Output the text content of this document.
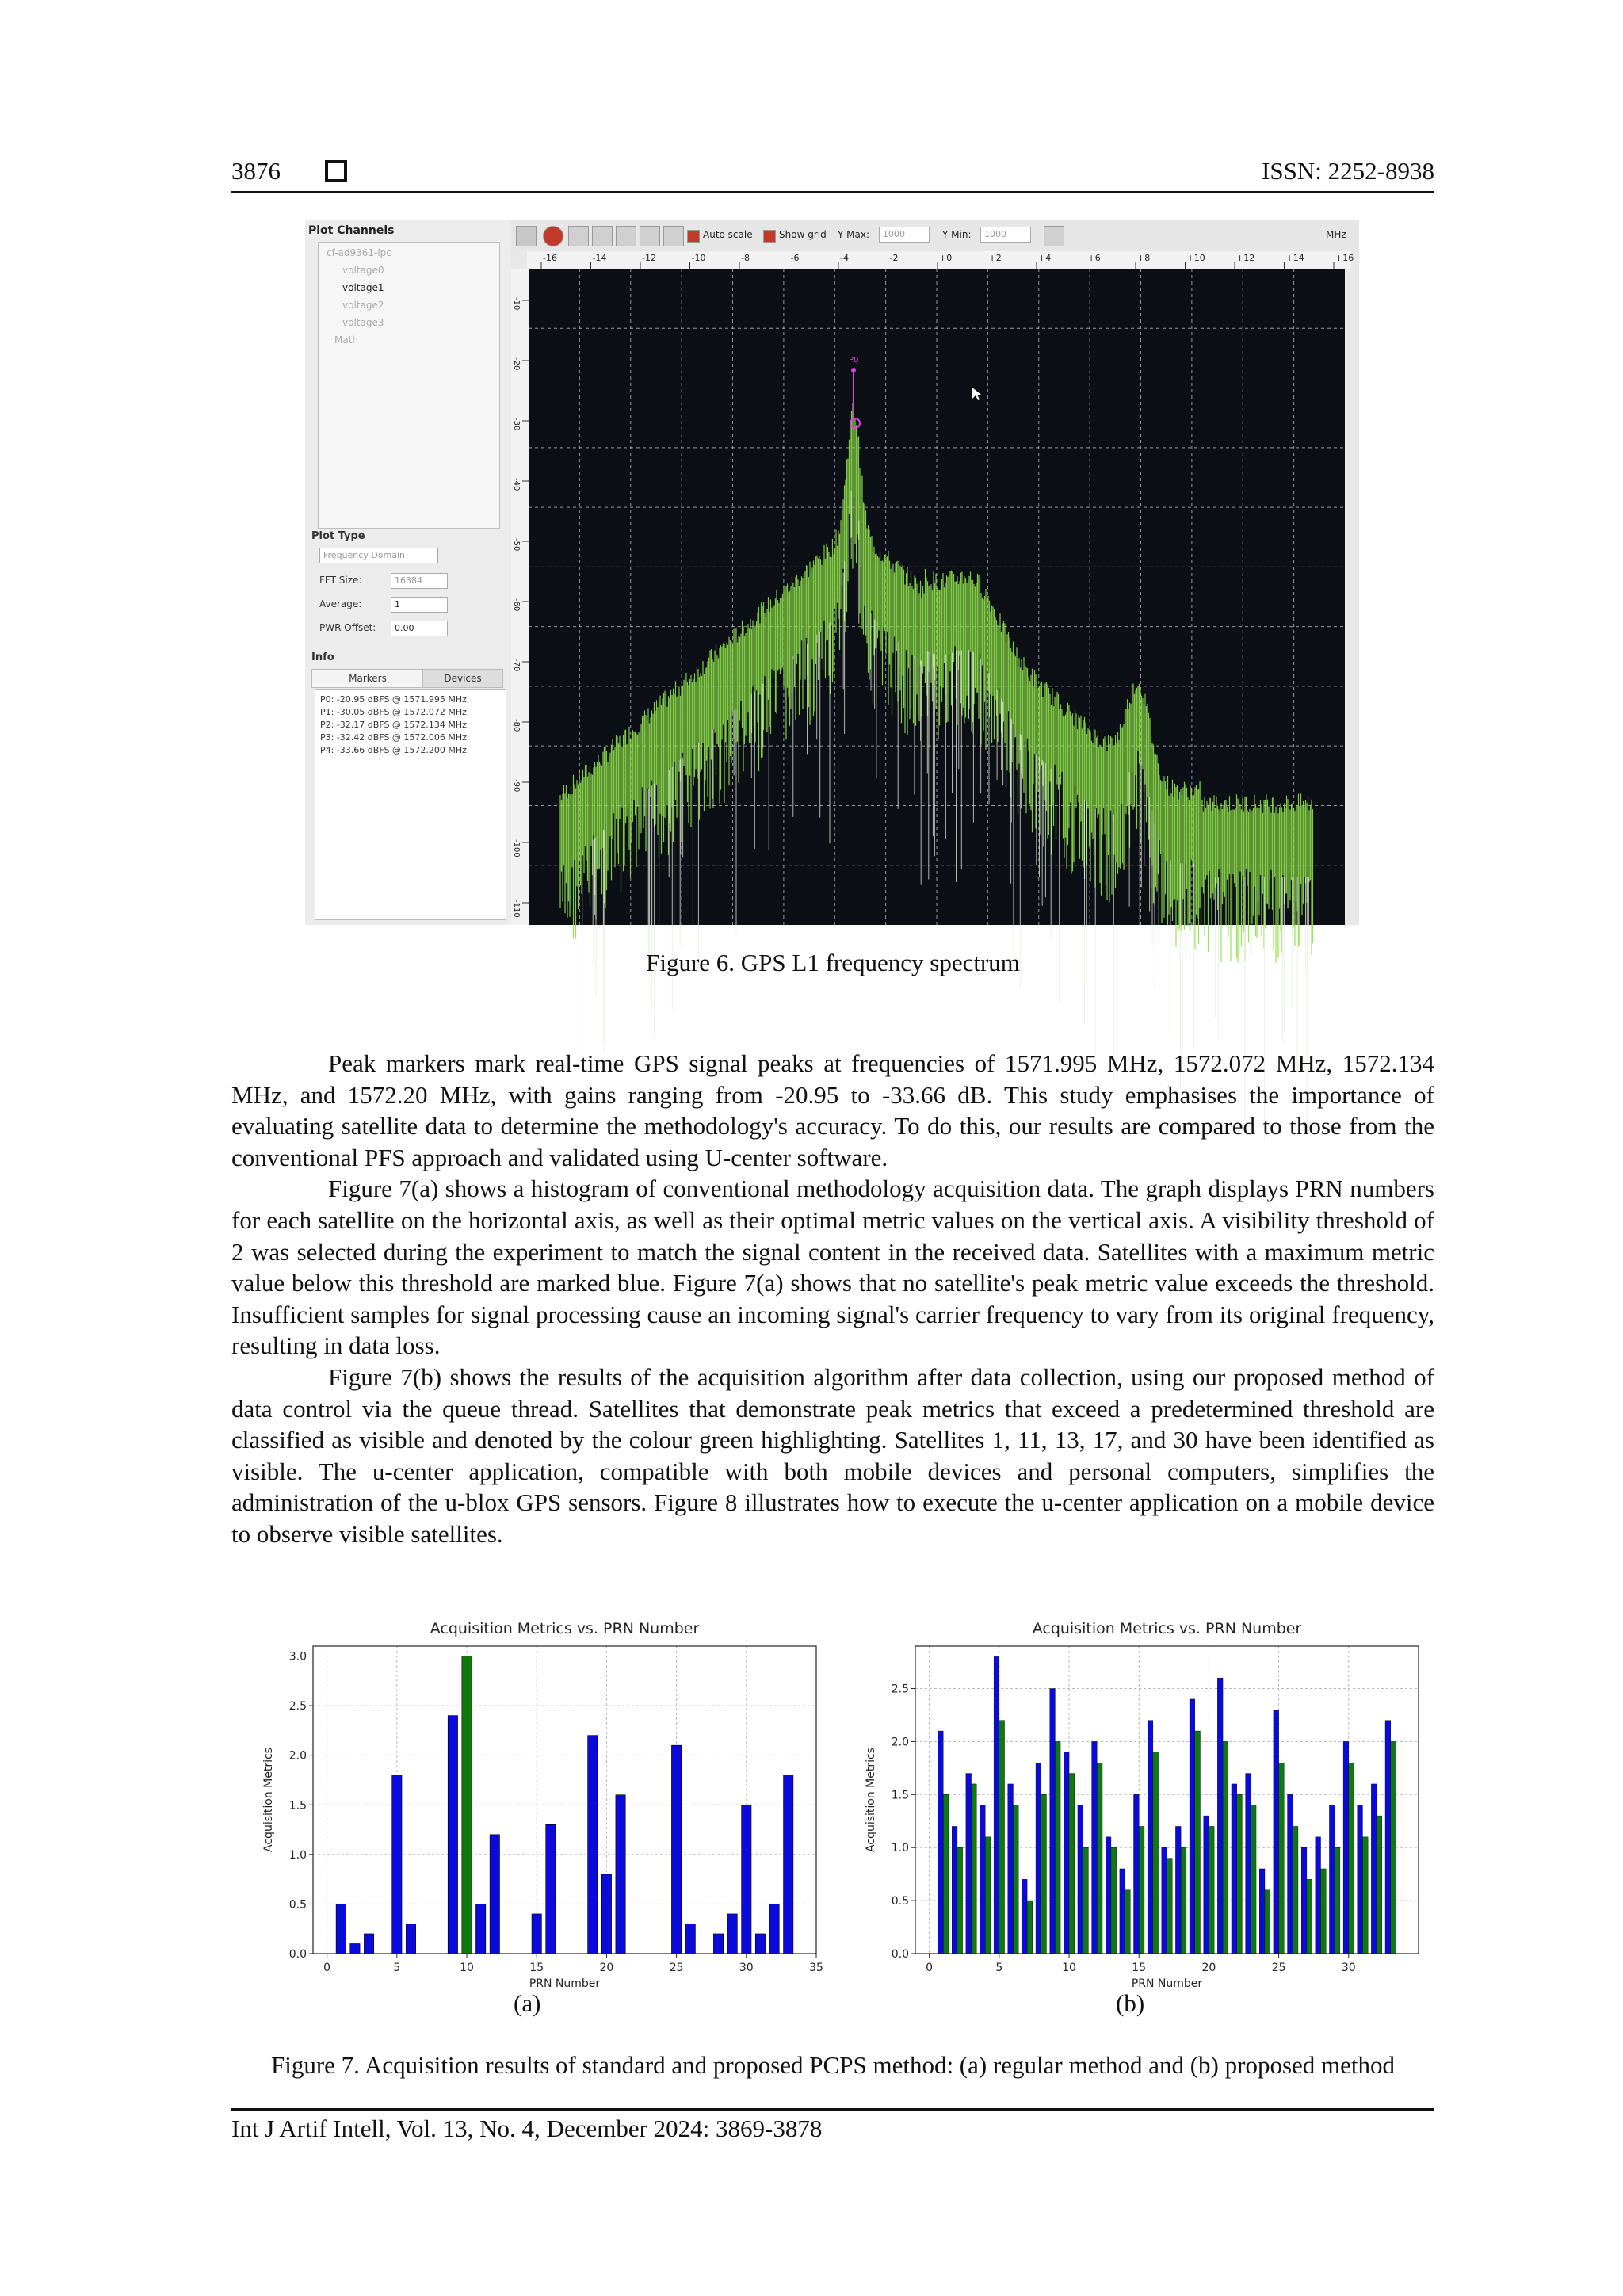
3876	ISSN: 2252-8938
Plot Channels
cf-ad9361-lpc
voltage0
voltage1
voltage2
voltage3
Math
Plot Type
Frequency Domain
FFT Size:	16384
Average:	1
PWR Offset:	0.00
Info
Markers	Devices
P0: -20.95 dBFS @ 1571.995 MHz
P1: -30.05 dBFS @ 1572.072 MHz
P2: -32.17 dBFS @ 1572.134 MHz
P3: -32.42 dBFS @ 1572.006 MHz
P4: -33.66 dBFS @ 1572.200 MHz
Auto scale	Show grid Y Max:	1000	Y Min:	1000	MHz
-16	-14	-12	-10	-8	-6	-4	-2	+0	+2	+4	+6	+8	+10	+12	+14	+16
-10
-20
-30
-40
-50
-60
-70
-80
-90
-100
-110
P0
Figure 6. GPS L1 frequency spectrum

Peak markers mark real-time GPS signal peaks at frequencies of 1571.995 MHz, 1572.072 MHz, 1572.134 MHz, and 1572.20 MHz, with gains ranging from -20.95 to -33.66 dB. This study emphasises the importance of evaluating satellite data to determine the methodology's accuracy. To do this, our results are compared to those from the conventional PFS approach and validated using U-center software.

Figure 7(a) shows a histogram of conventional methodology acquisition data. The graph displays PRN numbers for each satellite on the horizontal axis, as well as their optimal metric values on the vertical axis. A visibility threshold of 2 was selected during the experiment to match the signal content in the received data. Satellites with a maximum metric value below this threshold are marked blue. Figure 7(a) shows that no satellite's peak metric value exceeds the threshold. Insufficient samples for signal processing cause an incoming signal's carrier frequency to vary from its original frequency, resulting in data loss.

Figure 7(b) shows the results of the acquisition algorithm after data collection, using our proposed method of data control via the queue thread. Satellites that demonstrate peak metrics that exceed a predetermined threshold are classified as visible and denoted by the colour green highlighting. Satellites 1, 11, 13, 17, and 30 have been identified as visible. The u-center application, compatible with both mobile devices and personal computers, simplifies the administration of the u-blox GPS sensors. Figure 8 illustrates how to execute the u-center application on a mobile device to observe visible satellites.

Acquisition Metrics vs. PRN Number
0.0
0.5
1.0
1.5
2.0
2.5
3.0
0	5	10	15	20	25	30	35
PRN Number
Acquisition Metrics
Acquisition Metrics vs. PRN Number
0.0
0.5
1.0
1.5
2.0
2.5
0	5	10	15	20	25	30
PRN Number
Acquisition Metrics
(a)	(b)
Figure 7. Acquisition results of standard and proposed PCPS method: (a) regular method and (b) proposed method
Int J Artif Intell, Vol. 13, No. 4, December 2024: 3869-3878
